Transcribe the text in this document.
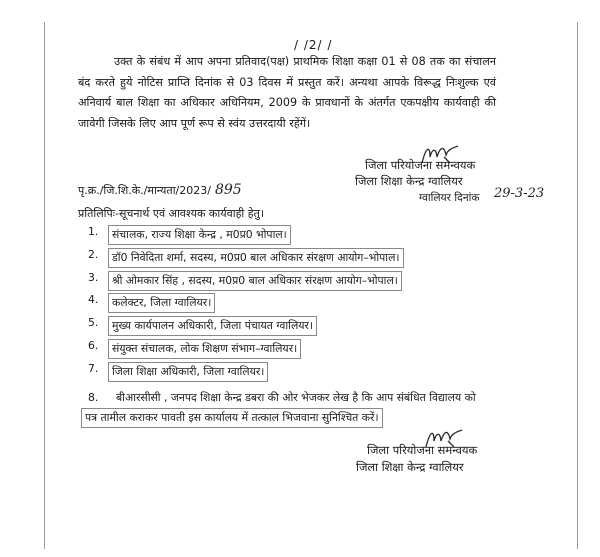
/ /2/ /

उक्त के संबंध में आप अपना प्रतिवाद(पक्ष) प्राथमिक शिक्षा कक्षा 01 से 08 तक का संचालन बंद करते हुये नोटिस प्राप्ति दिनांक से 03 दिवस में प्रस्तुत करें। अन्यथा आपके विरूद्ध निःशुल्क एवं अनिवार्य बाल शिक्षा का अधिकार अधिनियम, 2009 के प्रावधानों के अंतर्गत एकपक्षीय कार्यवाही की जावेगी जिसके लिए आप पूर्ण रूप से स्वंय उत्तरदायी रहेंगें।

जिला परियोजना समन्वयक
जिला शिक्षा केन्द्र ग्वालियर
ग्वालियर दिनांक 29-3-23
पृ.क्र./जि.शि.के./मान्यता/2023/ 895
प्रतिलिपिः-सूचनार्थ एवं आवश्यक कार्यवाही हेतु।
1.	संचालक, राज्य शिक्षा केन्द्र , म0प्र0 भोपाल।
2.	डॉ0 निवेदिता शर्मा, सदस्य, म0प्र0 बाल अधिकार संरक्षण आयोग–भोपाल।
3.	श्री ओमकार सिंह , सदस्य, म0प्र0 बाल अधिकार संरक्षण आयोग–भोपाल।
4.	कलेक्टर, जिला ग्वालियर।
5.	मुख्य कार्यपालन अधिकारी, जिला पंचायत ग्वालियर।
6.	संयुक्त संचालक, लोक शिक्षण संभाग–ग्वालियर।
7.	जिला शिक्षा अधिकारी, जिला ग्वालियर।
8. बीआरसीसी , जनपद शिक्षा केन्द्र डबरा की ओर भेजकर लेख है कि आप संबंधित विद्यालय को
पत्र तामील कराकर पावती इस कार्यालय में तत्काल भिजवाना सुनिश्चित करें।
जिला परियोजना समन्वयक
जिला शिक्षा केन्द्र ग्वालियर
